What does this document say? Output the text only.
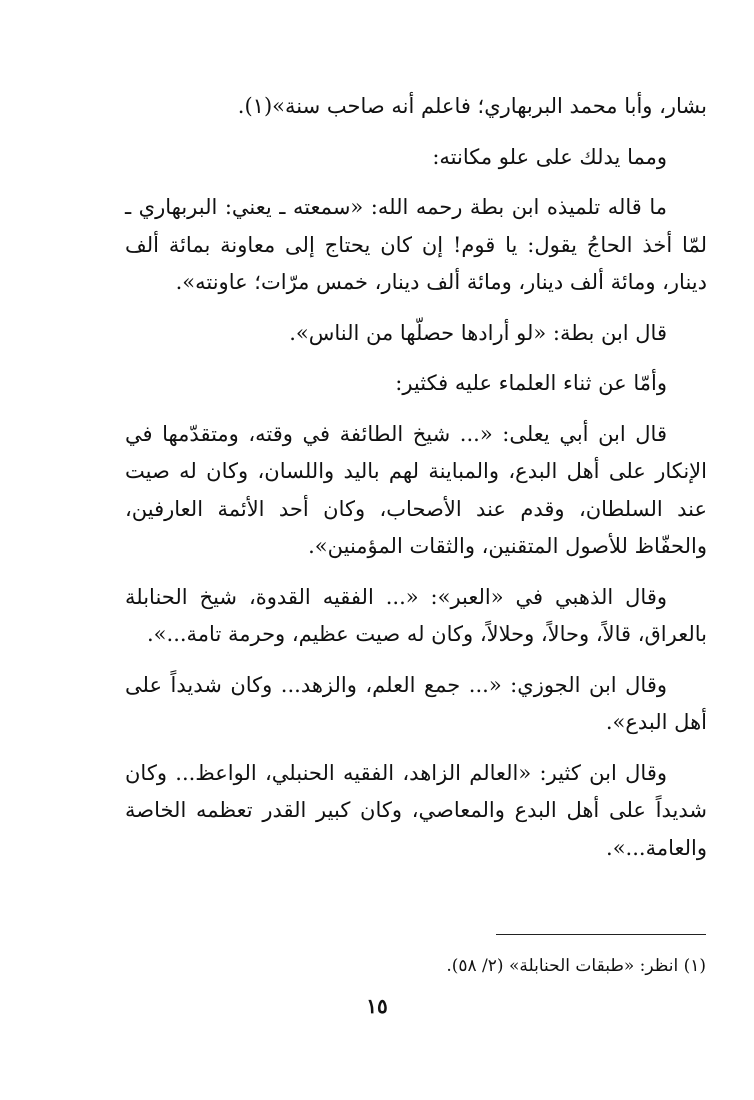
بشار، وأبا محمد البربهاري؛ فاعلم أنه صاحب سنة»(١).

ومما يدلك على علو مكانته:

ما قاله تلميذه ابن بطة رحمه الله: «سمعته ـ يعني: البربهاري ـ لمّا أخذ الحاجُ يقول: يا قوم! إن كان يحتاج إلى معاونة بمائة ألف دينار، ومائة ألف دينار، ومائة ألف دينار، خمس مرّات؛ عاونته».

قال ابن بطة: «لو أرادها حصلّها من الناس».

وأمّا عن ثناء العلماء عليه فكثير:

قال ابن أبي يعلى: «... شيخ الطائفة في وقته، ومتقدّمها في الإنكار على أهل البدع، والمباينة لهم باليد واللسان، وكان له صيت عند السلطان، وقدم عند الأصحاب، وكان أحد الأئمة العارفين، والحفّاظ للأصول المتقنين، والثقات المؤمنين».

وقال الذهبي في «العبر»: «... الفقيه القدوة، شيخ الحنابلة بالعراق، قالاً، وحالاً، وحلالاً، وكان له صيت عظيم، وحرمة تامة...».

وقال ابن الجوزي: «... جمع العلم، والزهد... وكان شديداً على أهل البدع».

وقال ابن كثير: «العالم الزاهد، الفقيه الحنبلي، الواعظ... وكان شديداً على أهل البدع والمعاصي، وكان كبير القدر تعظمه الخاصة والعامة...».

(١) انظر: «طبقات الحنابلة» (٢/ ٥٨).
١٥
